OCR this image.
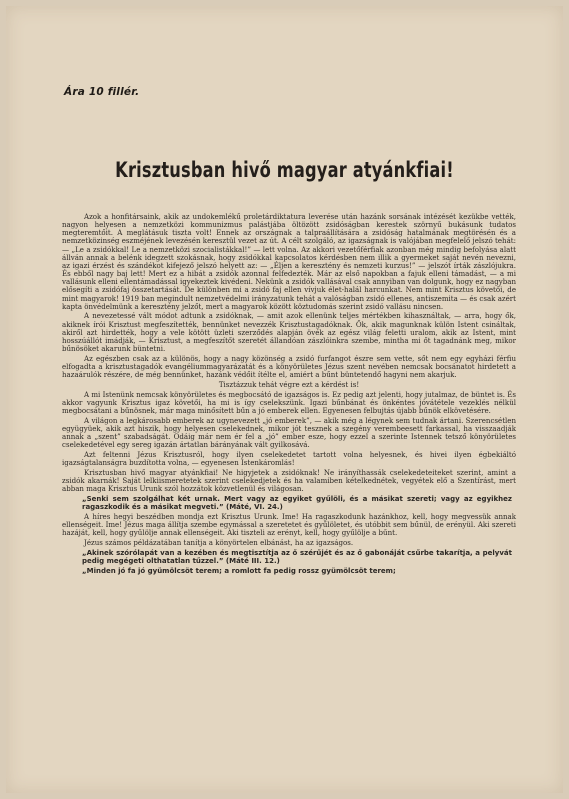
Ára 10 fillér.
Krisztusban hivő magyar atyánkfiai!

Azok a honfitársaink, akik az undokemlékű proletárdiktatura leverése után hazánk sorsának intézését kezükbe vették, nagyon helyesen a nemzetközi kommunizmus palástjába öltözött zsidóságban kerestek szörnyű bukásunk tudatos megteremtőit. A meglátásuk tiszta volt! Ennek az országnak a talpraállítására a zsidóság hatalmának megtörésén és a nemzetközinség eszméjének levezésén keresztül vezet az út. A célt szolgáló, az igazságnak is valójában megfelelő jelszó tehát: — „Le a zsidókkal! Le a nemzetközi szocialistákkal!” — lett volna. Az akkori vezetőférfiak azonban még mindig befolyása alatt állván annak a belénk idegzett szokásnak, hogy zsidókkal kapcsolatos kérdésben nem illik a gyermeket saját nevén nevezni, az igazi érzést és szándékot kifejező jelszó helyett az: — „Éljen a keresztény és nemzeti kurzus!” — jelszót írták zászlójukra. És ebből nagy baj lett! Mert ez a hibát a zsidók azonnal felfedezték. Már az első napokban a fajuk elleni támadást, — a mi vallásunk elleni ellentámadással igyekeztek kivédeni. Nekünk a zsidók vallásával csak annyiban van dolgunk, hogy ez nagyban elősegíti a zsidófaj összetartását. De különben mi a zsidó faj ellen vívjuk élet-halál harcunkat. Nem mint Krisztus követői, de mint magyarok! 1919 ban megindult nemzetvédelmi irányzatunk tehát a valóságban zsidó ellenes, antiszemita — és csak azért kapta önvédelmünk a keresztény jelzőt, mert a magyarok között köztudomás szerint zsidó vallásu nincsen.

A nevezetessé vált módot adtunk a zsidóknak, — amit azok ellenünk teljes mértékben kihasználtak, — arra, hogy ők, akiknek írói Krisztust megfeszítették, bennünket nevezzék Krisztustagadóknak. Ők, akik magunknak külön Istent csináltak, akiről azt hirdették, hogy a vele kötött üzleti szerződés alapján övék az egész világ feletti uralom, akik az Istent, mint hosszúállót imádják, — Krisztust, a megfeszítőt szeretét állandóan zászlóinkra szembe, mintha mi őt tagadnánk meg, mikor bűnösöket akarunk büntetni.

Az egészben csak az a különös, hogy a nagy közönség a zsidó furfangot észre sem vette, sőt nem egy egyházi férfiu elfogadta a krisztustagadók evangéliummagyarázatát és a könyörületes Jézus szent nevében nemcsak bocsánatot hirdetett a hazaárulók részére, de még bennünket, hazánk védőit ítélte el, amiért a bűnt büntetendő hagyni nem akarjuk.

Tisztázzuk tehát végre ezt a kérdést is!

A mi Istenünk nemcsak könyörületes és megbocsátó de igazságos is. Ez pedig azt jelenti, hogy jutalmaz, de büntet is. És akkor vagyunk Krisztus igaz követői, ha mi is így cselekszünk. Igazi bűnbánat és önkéntes jóvátétele vezeklés nélkül megbocsátani a bűnösnek, már maga minősített bűn a jó emberek ellen. Egyenesen felbujtás újabb bűnök elkövetésére.

A világon a legkárosabb emberek az ugynevezett „jó emberek”, — akik még a légynek sem tudnak ártani. Szerencsétlen együgyüek, akik azt hiszik, hogy helyesen cselekednek, mikor jót tesznek a szegény verembeesett farkassal, ha visszaadják annak a „szent” szabadságát. Odáig már nem ér fel a „jó” ember esze, hogy ezzel a szerinte Istennek tetsző könyörületes cselekedetével egy sereg igazán ártatlan bárányának vált gyilkosává.

Azt feltenni Jézus Krisztusról, hogy ilyen cselekedetet tartott volna helyesnek, és hivei ilyen égbekiáltó igazságtalanságra buzdította volna, — egyenesen Istenkáromlás!

Krisztusban hivő magyar atyánkfiai! Ne higyjetek a zsidóknak! Ne irányíthassák cselekedeteiteket szerint, amint a zsidók akarnák! Saját lelkiismeretetek szerint cselekedjetek és ha valamiben kételkednétek, vegyétek elő a Szentírást, mert abban maga Krisztus Urunk szól hozzátok közvetlenül és világosan.

„Senki sem szolgálhat két urnak. Mert vagy az egyiket gyűlöli, és a másikat szereti; vagy az egyikhez ragaszkodik és a másikat megveti.” (Máté, VI. 24.)

A híres hegyi beszédben mondja ezt Krisztus Urunk. Ime! Ha ragaszkodunk hazánkhoz, kell, hogy megvessük annak ellenségeit. Ime! Jézus maga állítja szembe egymással a szeretetet és gyűlöletet, és utóbbit sem bűnül, de erényül. Aki szereti hazáját, kell, hogy gyűlölje annak ellenségeit. Aki tiszteli az erényt, kell, hogy gyűlölje a bűnt.

Jézus számos példázatában tanítja a könyörtelen elbánást, ha az igazságos.

„Akinek szórólapát van a kezében és megtisztítja az ő szérűjét és az ő gabonáját csűrbe takarítja, a pelyvát pedig megégeti olthatatlan tűzzel.” (Máté III. 12.)

„Minden jó fa jó gyümölcsöt terem; a romlott fa pedig rossz gyümölcsöt terem;
